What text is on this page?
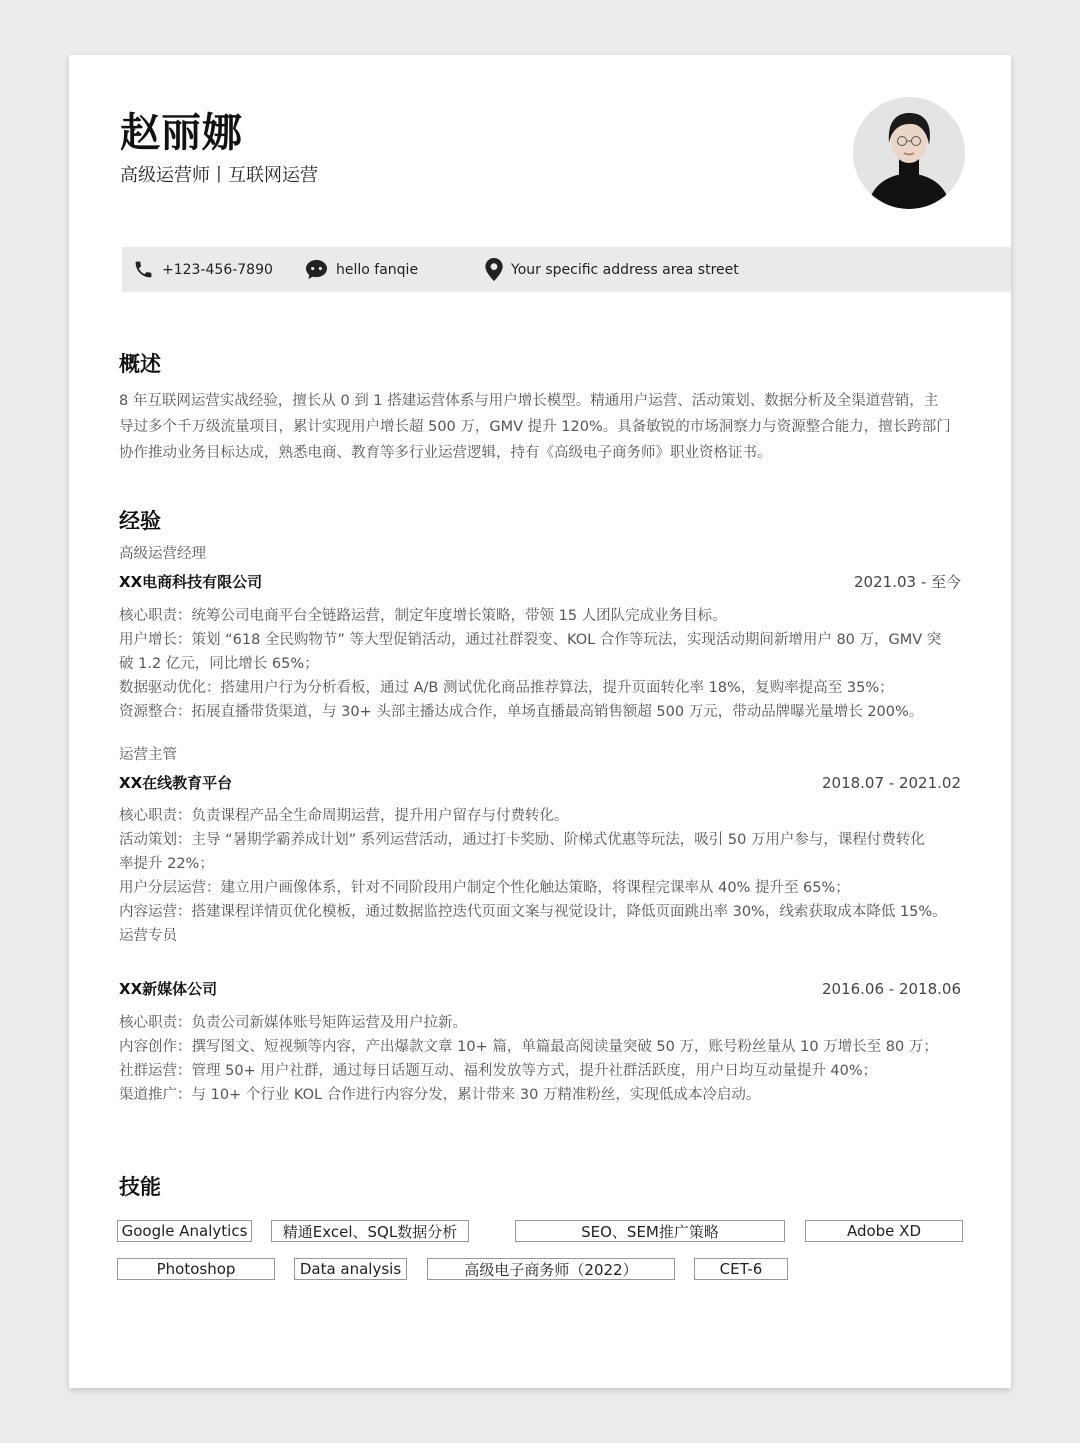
赵丽娜
高级运营师丨互联网运营
+123-456-7890	hello fanqie	Your specific address area street
概述
8 年互联网运营实战经验，擅长从 0 到 1 搭建运营体系与用户增长模型。精通用户运营、活动策划、数据分析及全渠道营销，主
导过多个千万级流量项目，累计实现用户增长超 500 万，GMV 提升 120%。具备敏锐的市场洞察力与资源整合能力，擅长跨部门
协作推动业务目标达成，熟悉电商、教育等多行业运营逻辑，持有《高级电子商务师》职业资格证书。
经验
高级运营经理
XX电商科技有限公司	2021.03 - 至今
核心职责：统筹公司电商平台全链路运营，制定年度增长策略，带领 15 人团队完成业务目标。
用户增长：策划 “618 全民购物节” 等大型促销活动，通过社群裂变、KOL 合作等玩法，实现活动期间新增用户 80 万，GMV 突
破 1.2 亿元，同比增长 65%；
数据驱动优化：搭建用户行为分析看板，通过 A/B 测试优化商品推荐算法，提升页面转化率 18%，复购率提高至 35%；
资源整合：拓展直播带货渠道，与 30+ 头部主播达成合作，单场直播最高销售额超 500 万元，带动品牌曝光量增长 200%。
运营主管
XX在线教育平台	2018.07 - 2021.02
核心职责：负责课程产品全生命周期运营，提升用户留存与付费转化。
活动策划：主导 “暑期学霸养成计划” 系列运营活动，通过打卡奖励、阶梯式优惠等玩法，吸引 50 万用户参与，课程付费转化
率提升 22%；
用户分层运营：建立用户画像体系，针对不同阶段用户制定个性化触达策略，将课程完课率从 40% 提升至 65%；
内容运营：搭建课程详情页优化模板，通过数据监控迭代页面文案与视觉设计，降低页面跳出率 30%，线索获取成本降低 15%。
运营专员
XX新媒体公司	2016.06 - 2018.06
核心职责：负责公司新媒体账号矩阵运营及用户拉新。
内容创作：撰写图文、短视频等内容，产出爆款文章 10+ 篇，单篇最高阅读量突破 50 万，账号粉丝量从 10 万增长至 80 万；
社群运营：管理 50+ 用户社群，通过每日话题互动、福利发放等方式，提升社群活跃度，用户日均互动量提升 40%；
渠道推广：与 10+ 个行业 KOL 合作进行内容分发，累计带来 30 万精准粉丝，实现低成本冷启动。
技能
Google Analytics	精通Excel、SQL数据分析	SEO、SEM推广策略	Adobe XD
Photoshop	Data analysis	高级电子商务师（2022）	CET-6
